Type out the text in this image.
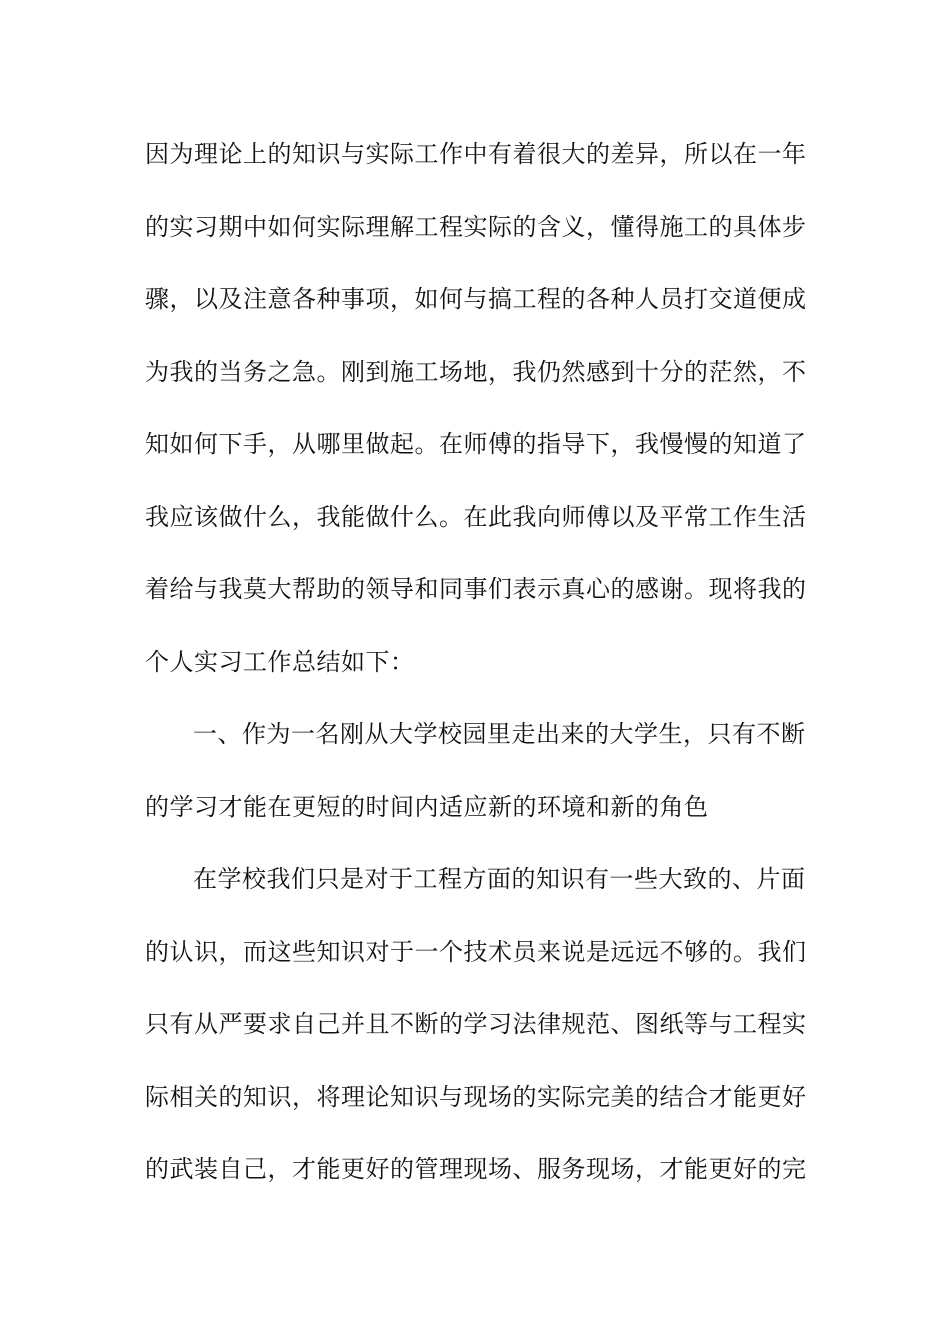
因为理论上的知识与实际工作中有着很大的差异，所以在一年
的实习期中如何实际理解工程实际的含义，懂得施工的具体步
骤，以及注意各种事项，如何与搞工程的各种人员打交道便成
为我的当务之急。刚到施工场地，我仍然感到十分的茫然，不
知如何下手，从哪里做起。在师傅的指导下，我慢慢的知道了
我应该做什么，我能做什么。在此我向师傅以及平常工作生活
着给与我莫大帮助的领导和同事们表示真心的感谢。现将我的
个人实习工作总结如下：
一、作为一名刚从大学校园里走出来的大学生，只有不断
的学习才能在更短的时间内适应新的环境和新的角色
在学校我们只是对于工程方面的知识有一些大致的、片面
的认识，而这些知识对于一个技术员来说是远远不够的。我们
只有从严要求自己并且不断的学习法律规范、图纸等与工程实
际相关的知识，将理论知识与现场的实际完美的结合才能更好
的武装自己，才能更好的管理现场、服务现场，才能更好的完
